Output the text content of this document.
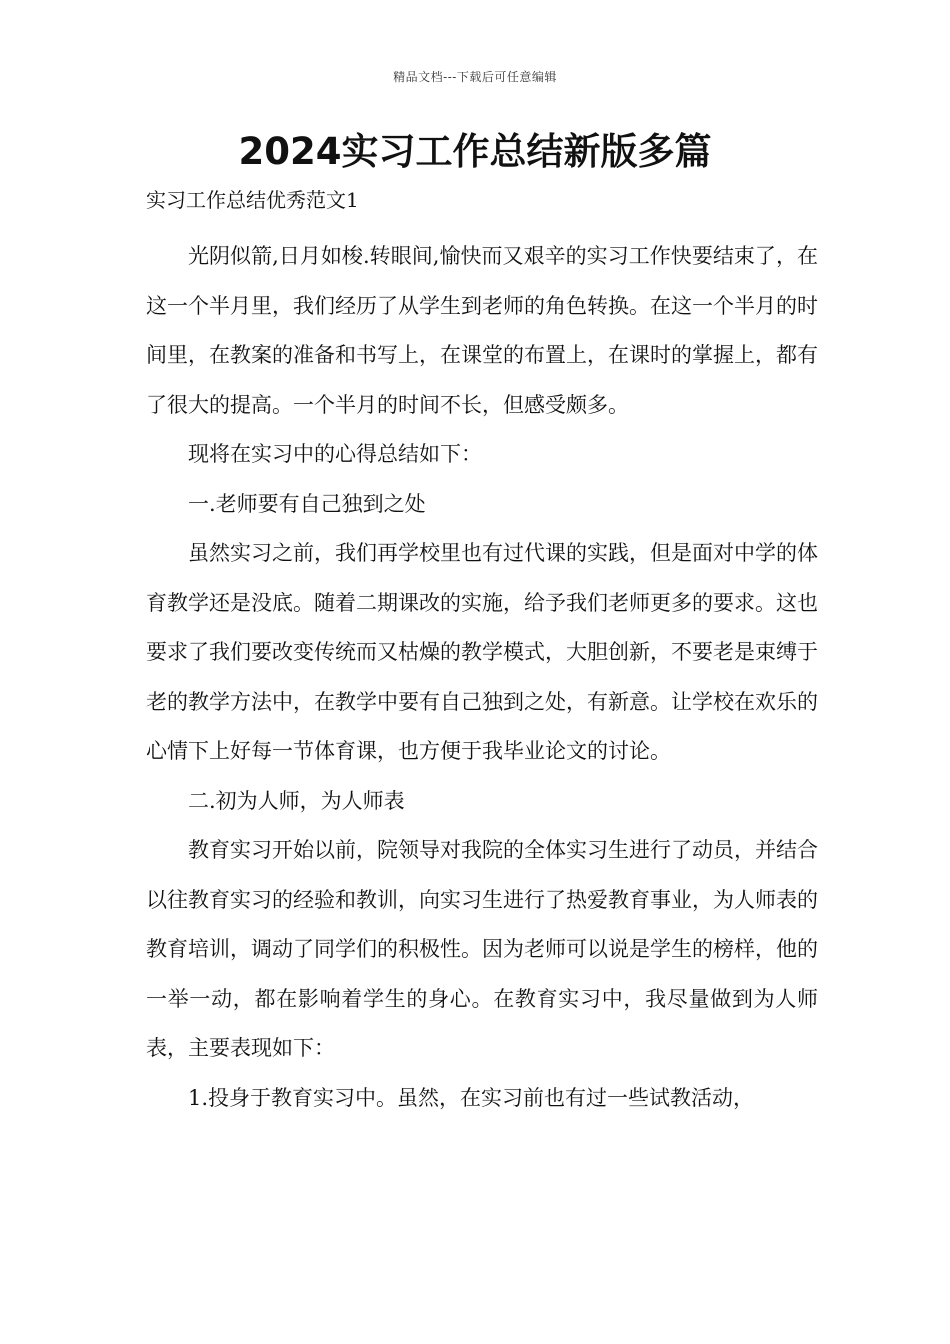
精品文档---下载后可任意编辑
2024实习工作总结新版多篇

实习工作总结优秀范文1

光阴似箭,日月如梭.转眼间,愉快而又艰辛的实习工作快要结束了，在这一个半月里，我们经历了从学生到老师的角色转换。在这一个半月的时间里，在教案的准备和书写上，在课堂的布置上，在课时的掌握上，都有了很大的提高。一个半月的时间不长，但感受颇多。

现将在实习中的心得总结如下：

一.老师要有自己独到之处

虽然实习之前，我们再学校里也有过代课的实践，但是面对中学的体育教学还是没底。随着二期课改的实施，给予我们老师更多的要求。这也要求了我们要改变传统而又枯燥的教学模式，大胆创新，不要老是束缚于老的教学方法中，在教学中要有自己独到之处，有新意。让学校在欢乐的心情下上好每一节体育课，也方便于我毕业论文的讨论。

二.初为人师，为人师表

教育实习开始以前，院领导对我院的全体实习生进行了动员，并结合以往教育实习的经验和教训，向实习生进行了热爱教育事业，为人师表的教育培训，调动了同学们的积极性。因为老师可以说是学生的榜样，他的一举一动，都在影响着学生的身心。在教育实习中，我尽量做到为人师表，主要表现如下：

1.投身于教育实习中。虽然，在实习前也有过一些试教活动，
